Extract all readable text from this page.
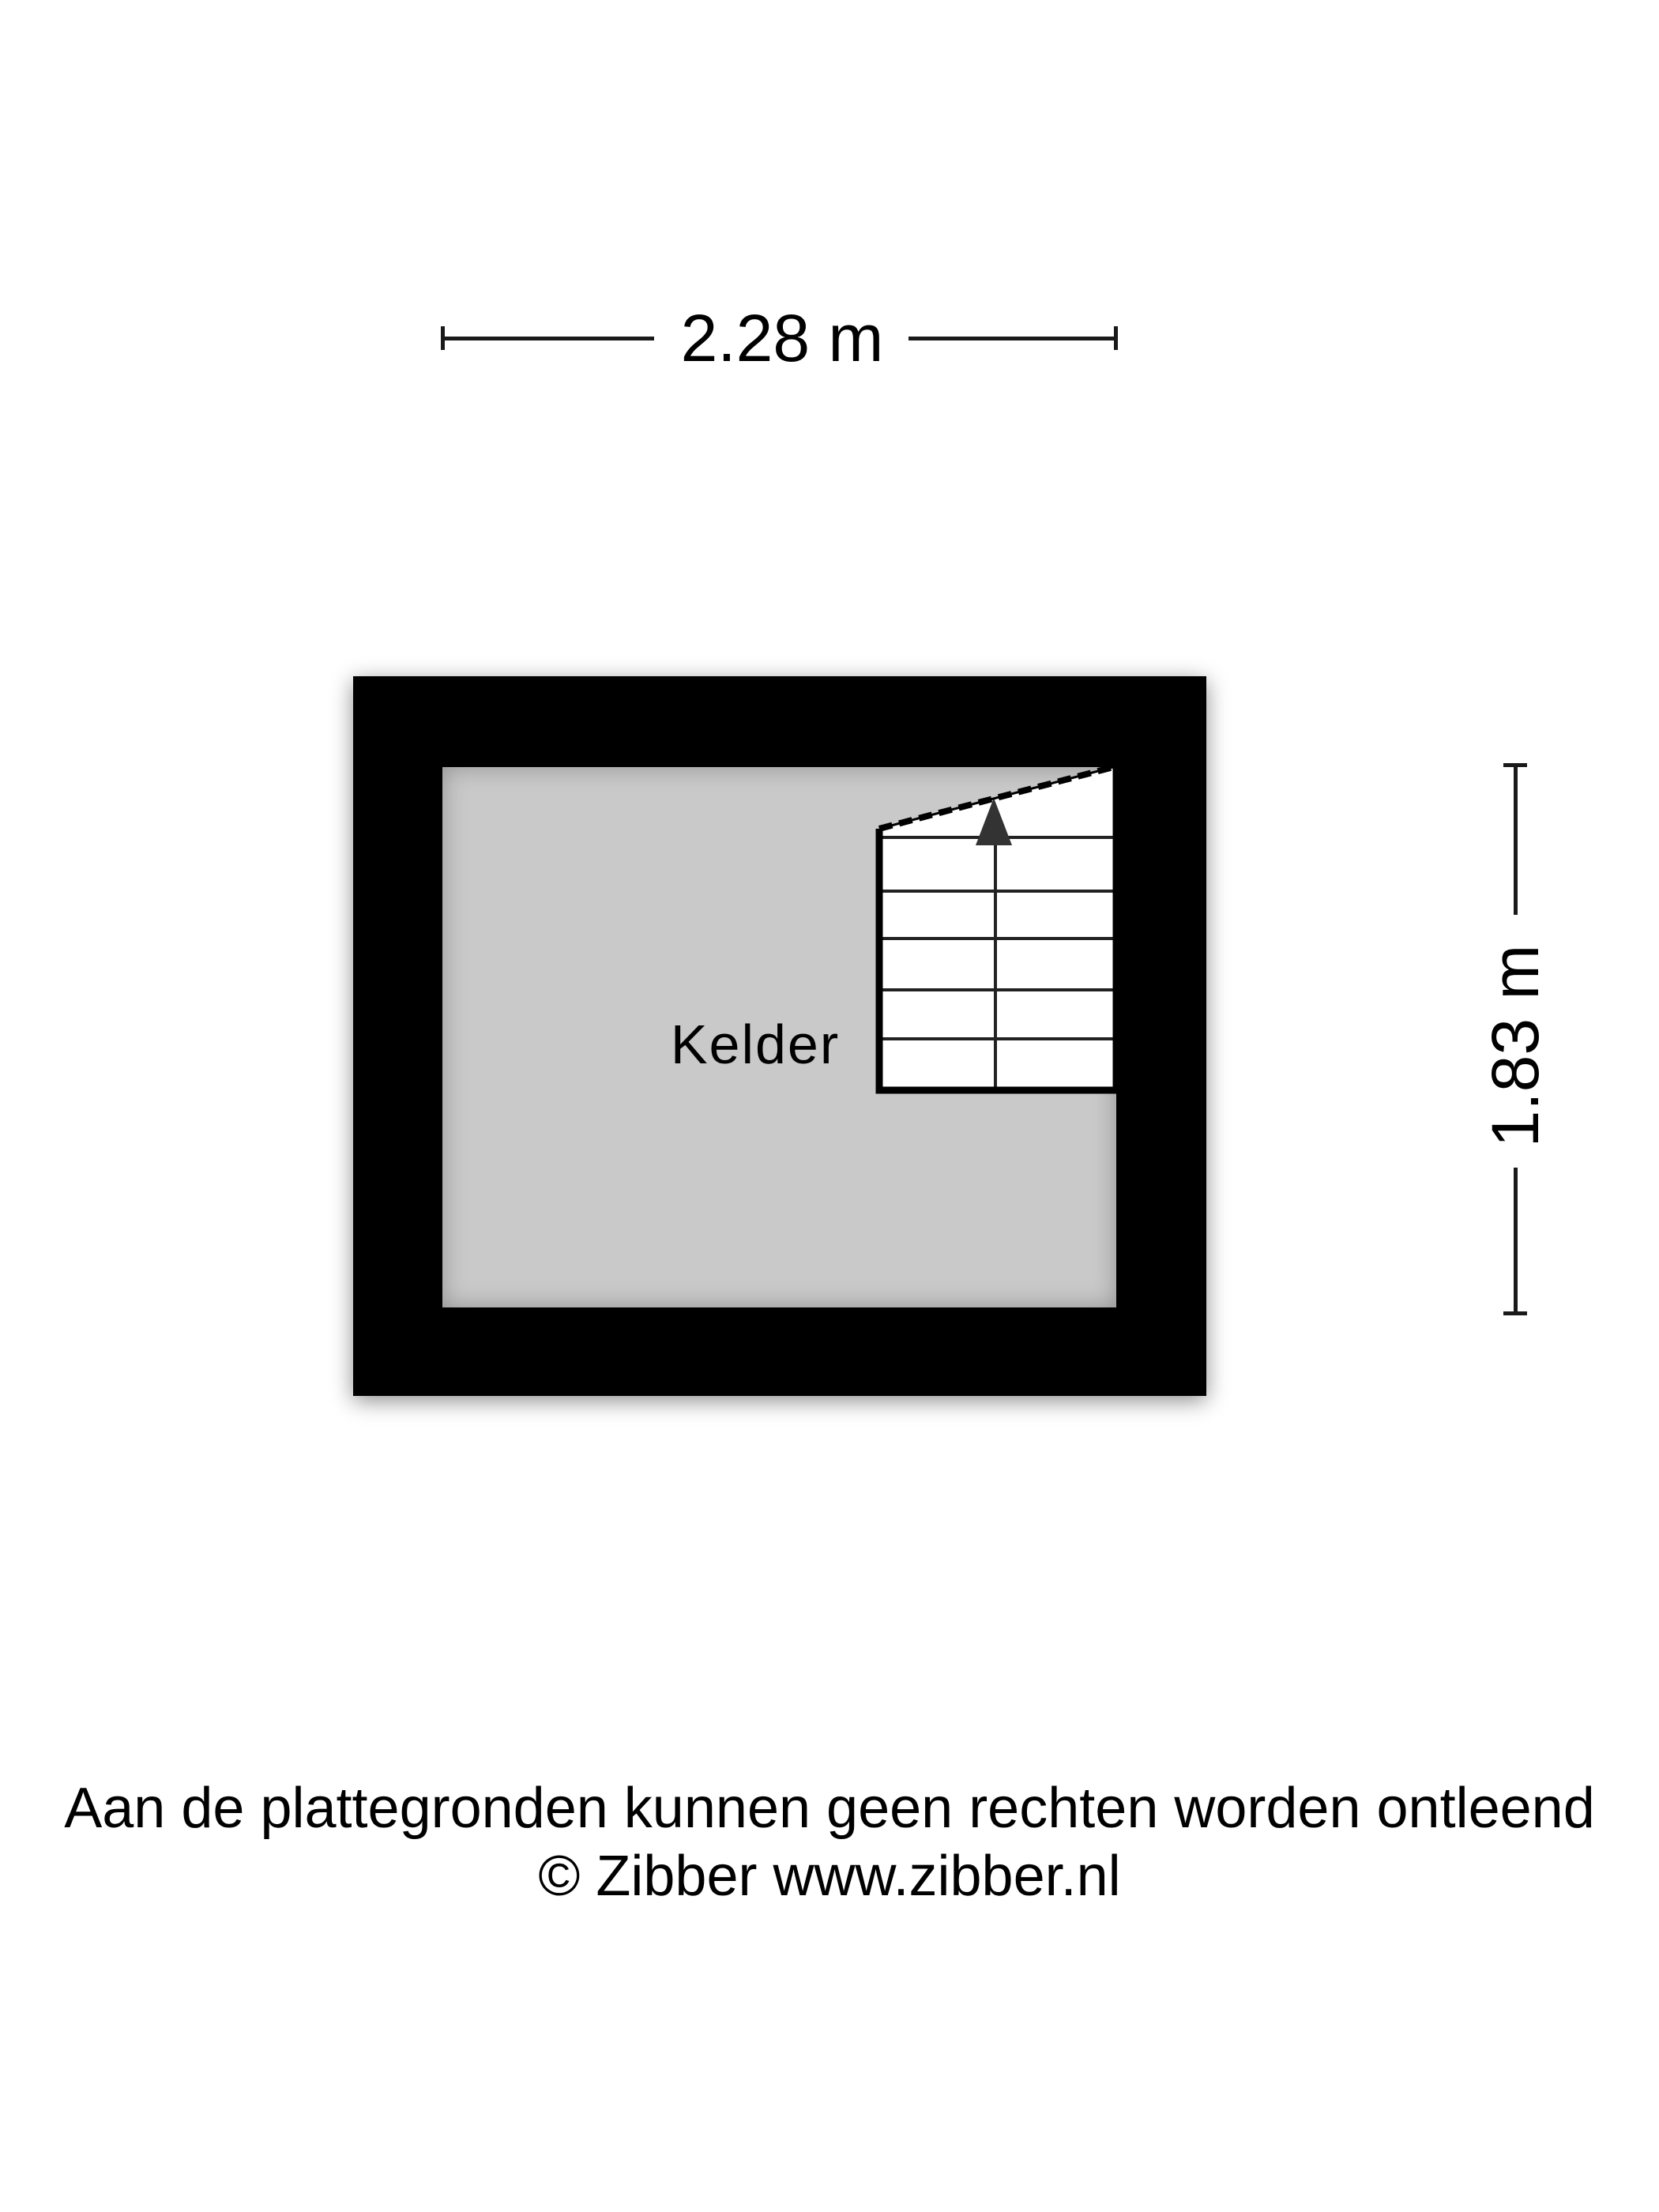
2.28 m
1.83 m
Kelder
Aan de plattegronden kunnen geen rechten worden ontleend
© Zibber www.zibber.nl
